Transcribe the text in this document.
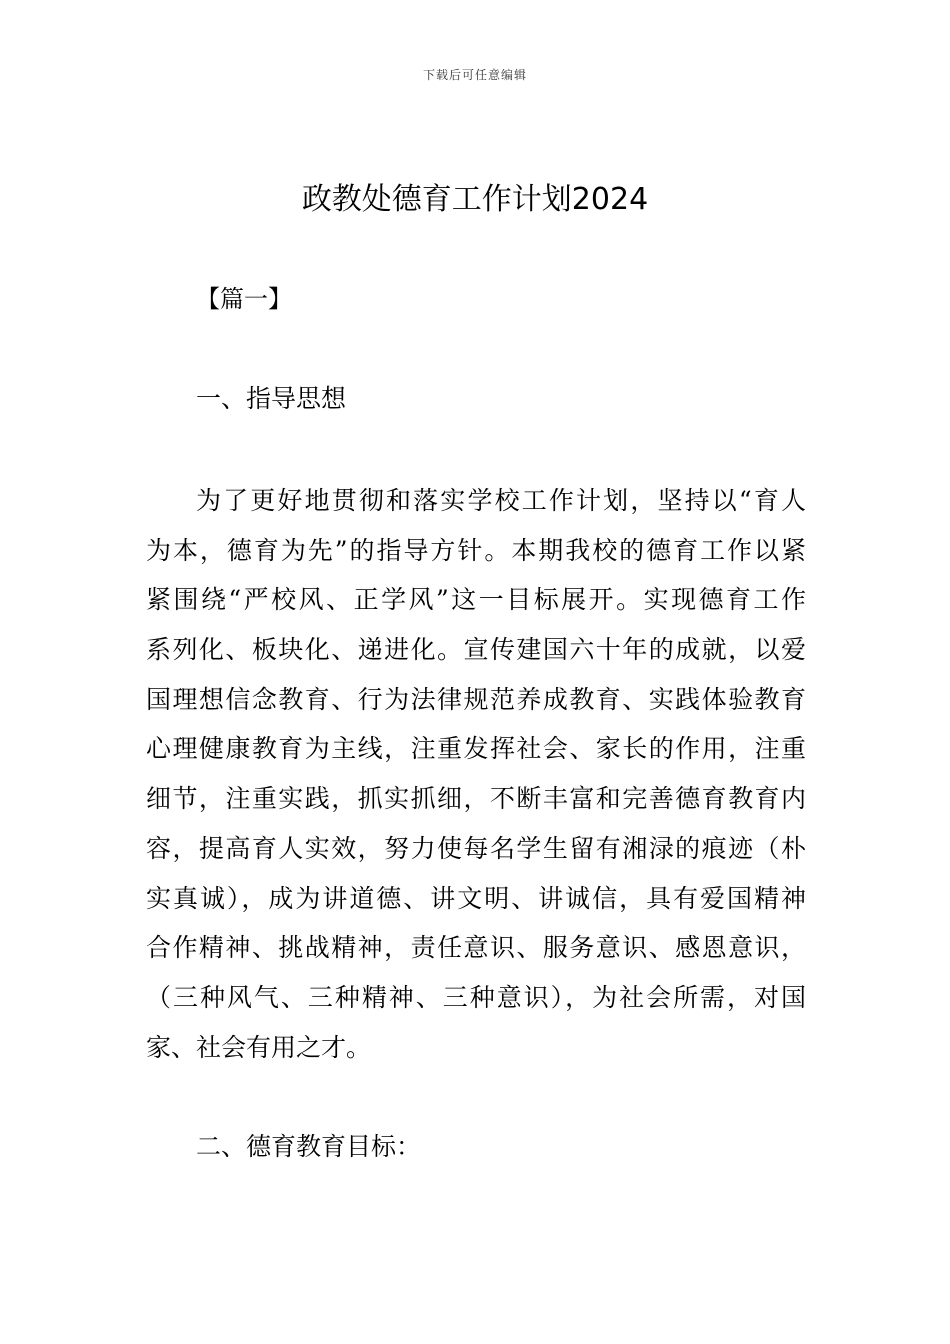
下载后可任意编辑
政教处德育工作计划2024
【篇一】
一、指导思想
为了更好地贯彻和落实学校工作计划，坚持以“育人
为本，德育为先”的指导方针。本期我校的德育工作以紧
紧围绕“严校风、正学风”这一目标展开。实现德育工作
系列化、板块化、递进化。宣传建国六十年的成就，以爱
国理想信念教育、行为法律规范养成教育、实践体验教育
心理健康教育为主线，注重发挥社会、家长的作用，注重
细节，注重实践，抓实抓细，不断丰富和完善德育教育内
容，提高育人实效，努力使每名学生留有湘渌的痕迹（朴
实真诚），成为讲道德、讲文明、讲诚信，具有爱国精神
合作精神、挑战精神，责任意识、服务意识、感恩意识，
（三种风气、三种精神、三种意识），为社会所需，对国
家、社会有用之才。
二、德育教育目标：
